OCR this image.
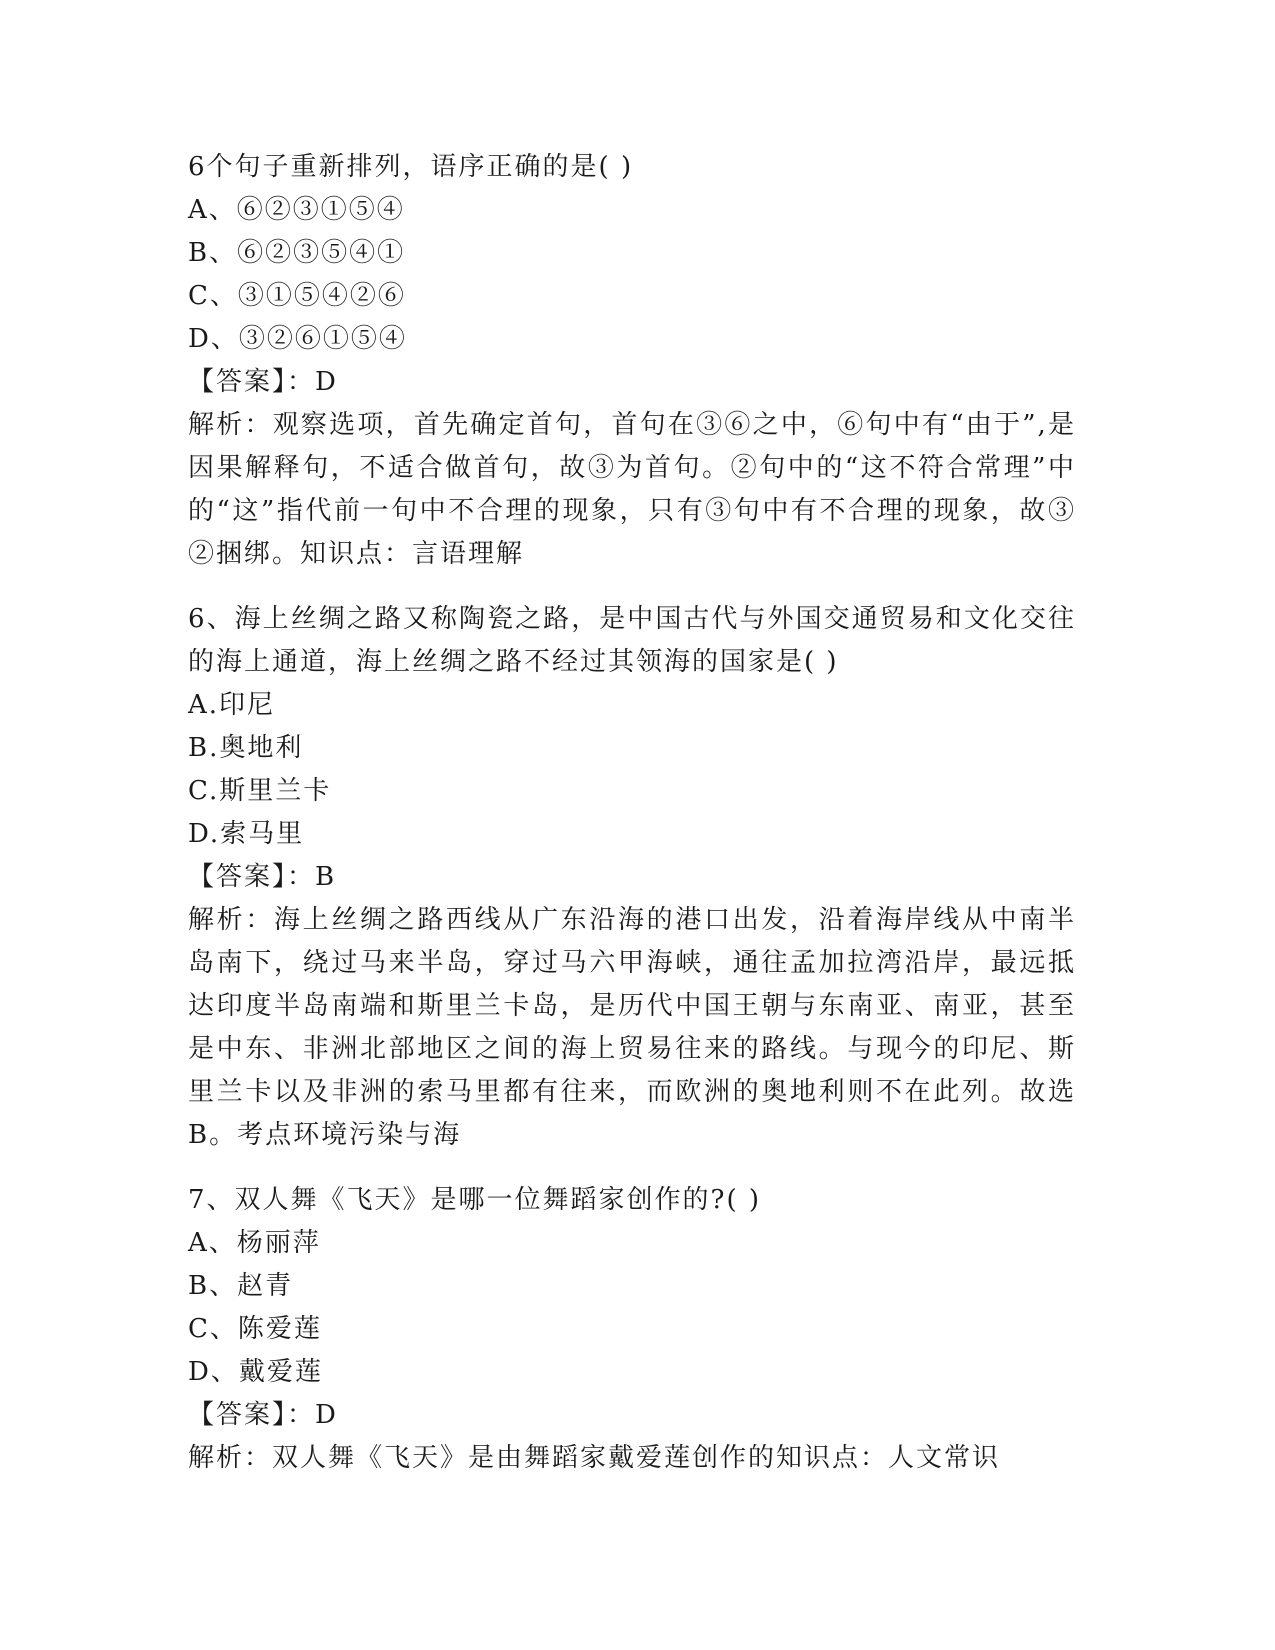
6个句子重新排列，语序正确的是( )
A、⑥②③①⑤④
B、⑥②③⑤④①
C、③①⑤④②⑥
D、③②⑥①⑤④
【答案】：D
解析：观察选项，首先确定首句，首句在③⑥之中，⑥句中有“由于”,是因果解释句，不适合做首句，故③为首句。②句中的“这不符合常理”中的“这”指代前一句中不合理的现象，只有③句中有不合理的现象，故③②捆绑。知识点：言语理解
6、海上丝绸之路又称陶瓷之路，是中国古代与外国交通贸易和文化交往的海上通道，海上丝绸之路不经过其领海的国家是( )
A.印尼
B.奥地利
C.斯里兰卡
D.索马里
【答案】：B
解析：海上丝绸之路西线从广东沿海的港口出发，沿着海岸线从中南半岛南下，绕过马来半岛，穿过马六甲海峡，通往孟加拉湾沿岸，最远抵达印度半岛南端和斯里兰卡岛，是历代中国王朝与东南亚、南亚，甚至是中东、非洲北部地区之间的海上贸易往来的路线。与现今的印尼、斯里兰卡以及非洲的索马里都有往来，而欧洲的奥地利则不在此列。故选B。考点环境污染与海
7、双人舞《飞天》是哪一位舞蹈家创作的?( )
A、杨丽萍
B、赵青
C、陈爱莲
D、戴爱莲
【答案】：D
解析：双人舞《飞天》是由舞蹈家戴爱莲创作的知识点：人文常识
